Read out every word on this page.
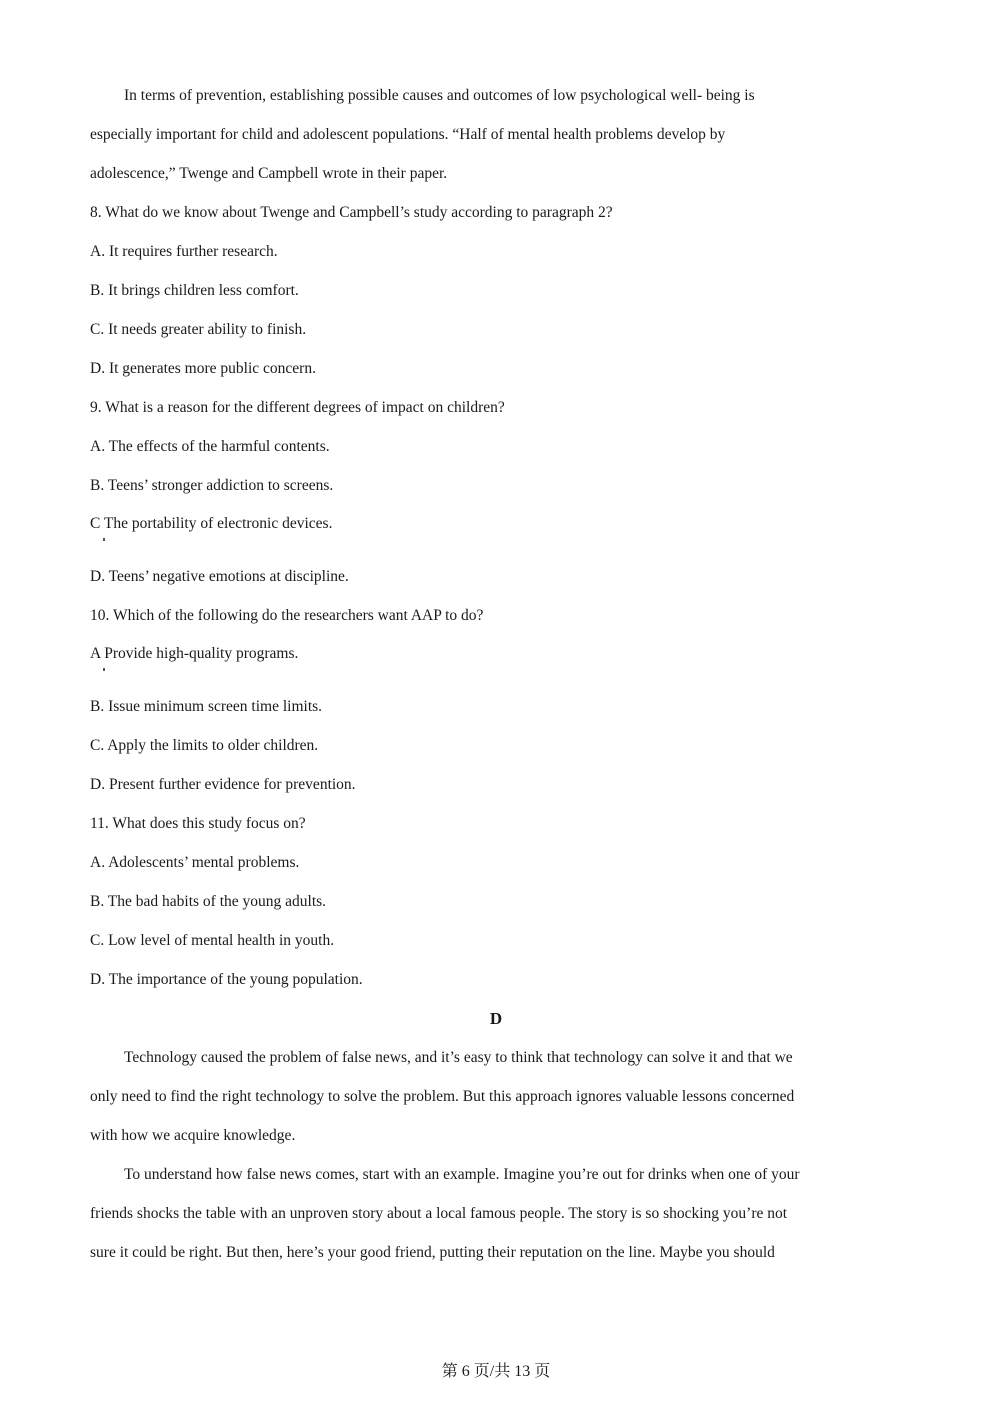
In terms of prevention, establishing possible causes and outcomes of low psychological well- being is
especially important for child and adolescent populations. “Half of mental health problems develop by
adolescence,” Twenge and Campbell wrote in their paper.
8. What do we know about Twenge and Campbell’s study according to paragraph 2?
A. It requires further research.
B. It brings children less comfort.
C. It needs greater ability to finish.
D. It generates more public concern.
9. What is a reason for the different degrees of impact on children?
A. The effects of the harmful contents.
B. Teens’ stronger addiction to screens.
C The portability of electronic devices.
D. Teens’ negative emotions at discipline.
10. Which of the following do the researchers want AAP to do?
A Provide high-quality programs.
B. Issue minimum screen time limits.
C. Apply the limits to older children.
D. Present further evidence for prevention.
11. What does this study focus on?
A. Adolescents’ mental problems.
B. The bad habits of the young adults.
C. Low level of mental health in youth.
D. The importance of the young population.
D
Technology caused the problem of false news, and it’s easy to think that technology can solve it and that we
only need to find the right technology to solve the problem. But this approach ignores valuable lessons concerned
with how we acquire knowledge.
To understand how false news comes, start with an example. Imagine you’re out for drinks when one of your
friends shocks the table with an unproven story about a local famous people. The story is so shocking you’re not
sure it could be right. But then, here’s your good friend, putting their reputation on the line. Maybe you should
第 6 页/共 13 页
